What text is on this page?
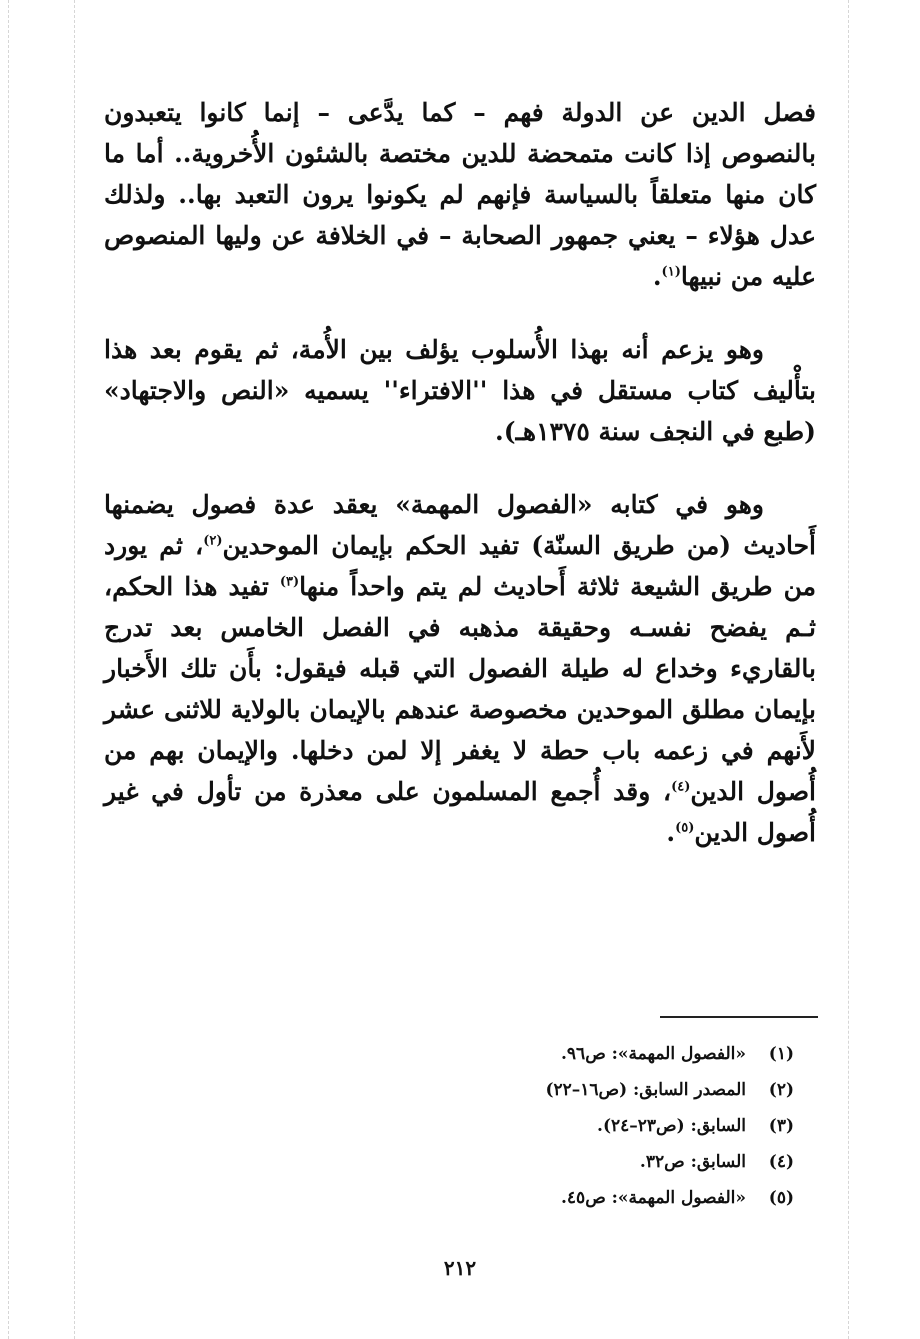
فصل الدين عن الدولة فهم – كما يدَّعى – إنما كانوا يتعبدون بالنصوص إذا كانت متمحضة للدين مختصة بالشئون الأُخروية.. أما ما كان منها متعلقاً بالسياسة فإنهم لم يكونوا يرون التعبد بها.. ولذلك عدل هؤلاء – يعني جمهور الصحابة – في الخلافة عن وليها المنصوص عليه من نبيها$^{(١)}$.

وهو يزعم أنه بهذا الأُسلوب يؤلف بين الأُمة، ثم يقوم بعد هذا بتأْليف كتاب مستقل في هذا ''الافتراء'' يسميه «النص والاجتهاد» (طبع في النجف سنة ١٣٧٥هـ).

وهو في كتابه «الفصول المهمة» يعقد عدة فصول يضمنها أَحاديث (من طريق السنّة) تفيد الحكم بإيمان الموحدين$^{(٢)}$، ثم يورد من طريق الشيعة ثلاثة أَحاديث لم يتم واحداً منها$^{(٣)}$ تفيد هذا الحكم، ثـم يفضح نفسـه وحقيقة مذهبه في الفصل الخامس بعد تدرج بالقاريء وخداع له طيلة الفصول التي قبله فيقول: بأَن تلك الأَخبار بإيمان مطلق الموحدين مخصوصة عندهم بالإيمان بالولاية للاثنى عشر لأَنهم في زعمه باب حطة لا يغفر إلا لمن دخلها. والإيمان بهم من أُصول الدين$^{(٤)}$، وقد أُجمع المسلمون على معذرة من تأول في غير أُصول الدين$^{(٥)}$.

(١)«الفصول المهمة»: ص٩٦.
(٢)المصدر السابق: (ص١٦–٢٢)
(٣)السابق: (ص٢٣–٢٤).
(٤)السابق: ص٣٢.
(٥)«الفصول المهمة»: ص٤٥.
٢١٢
